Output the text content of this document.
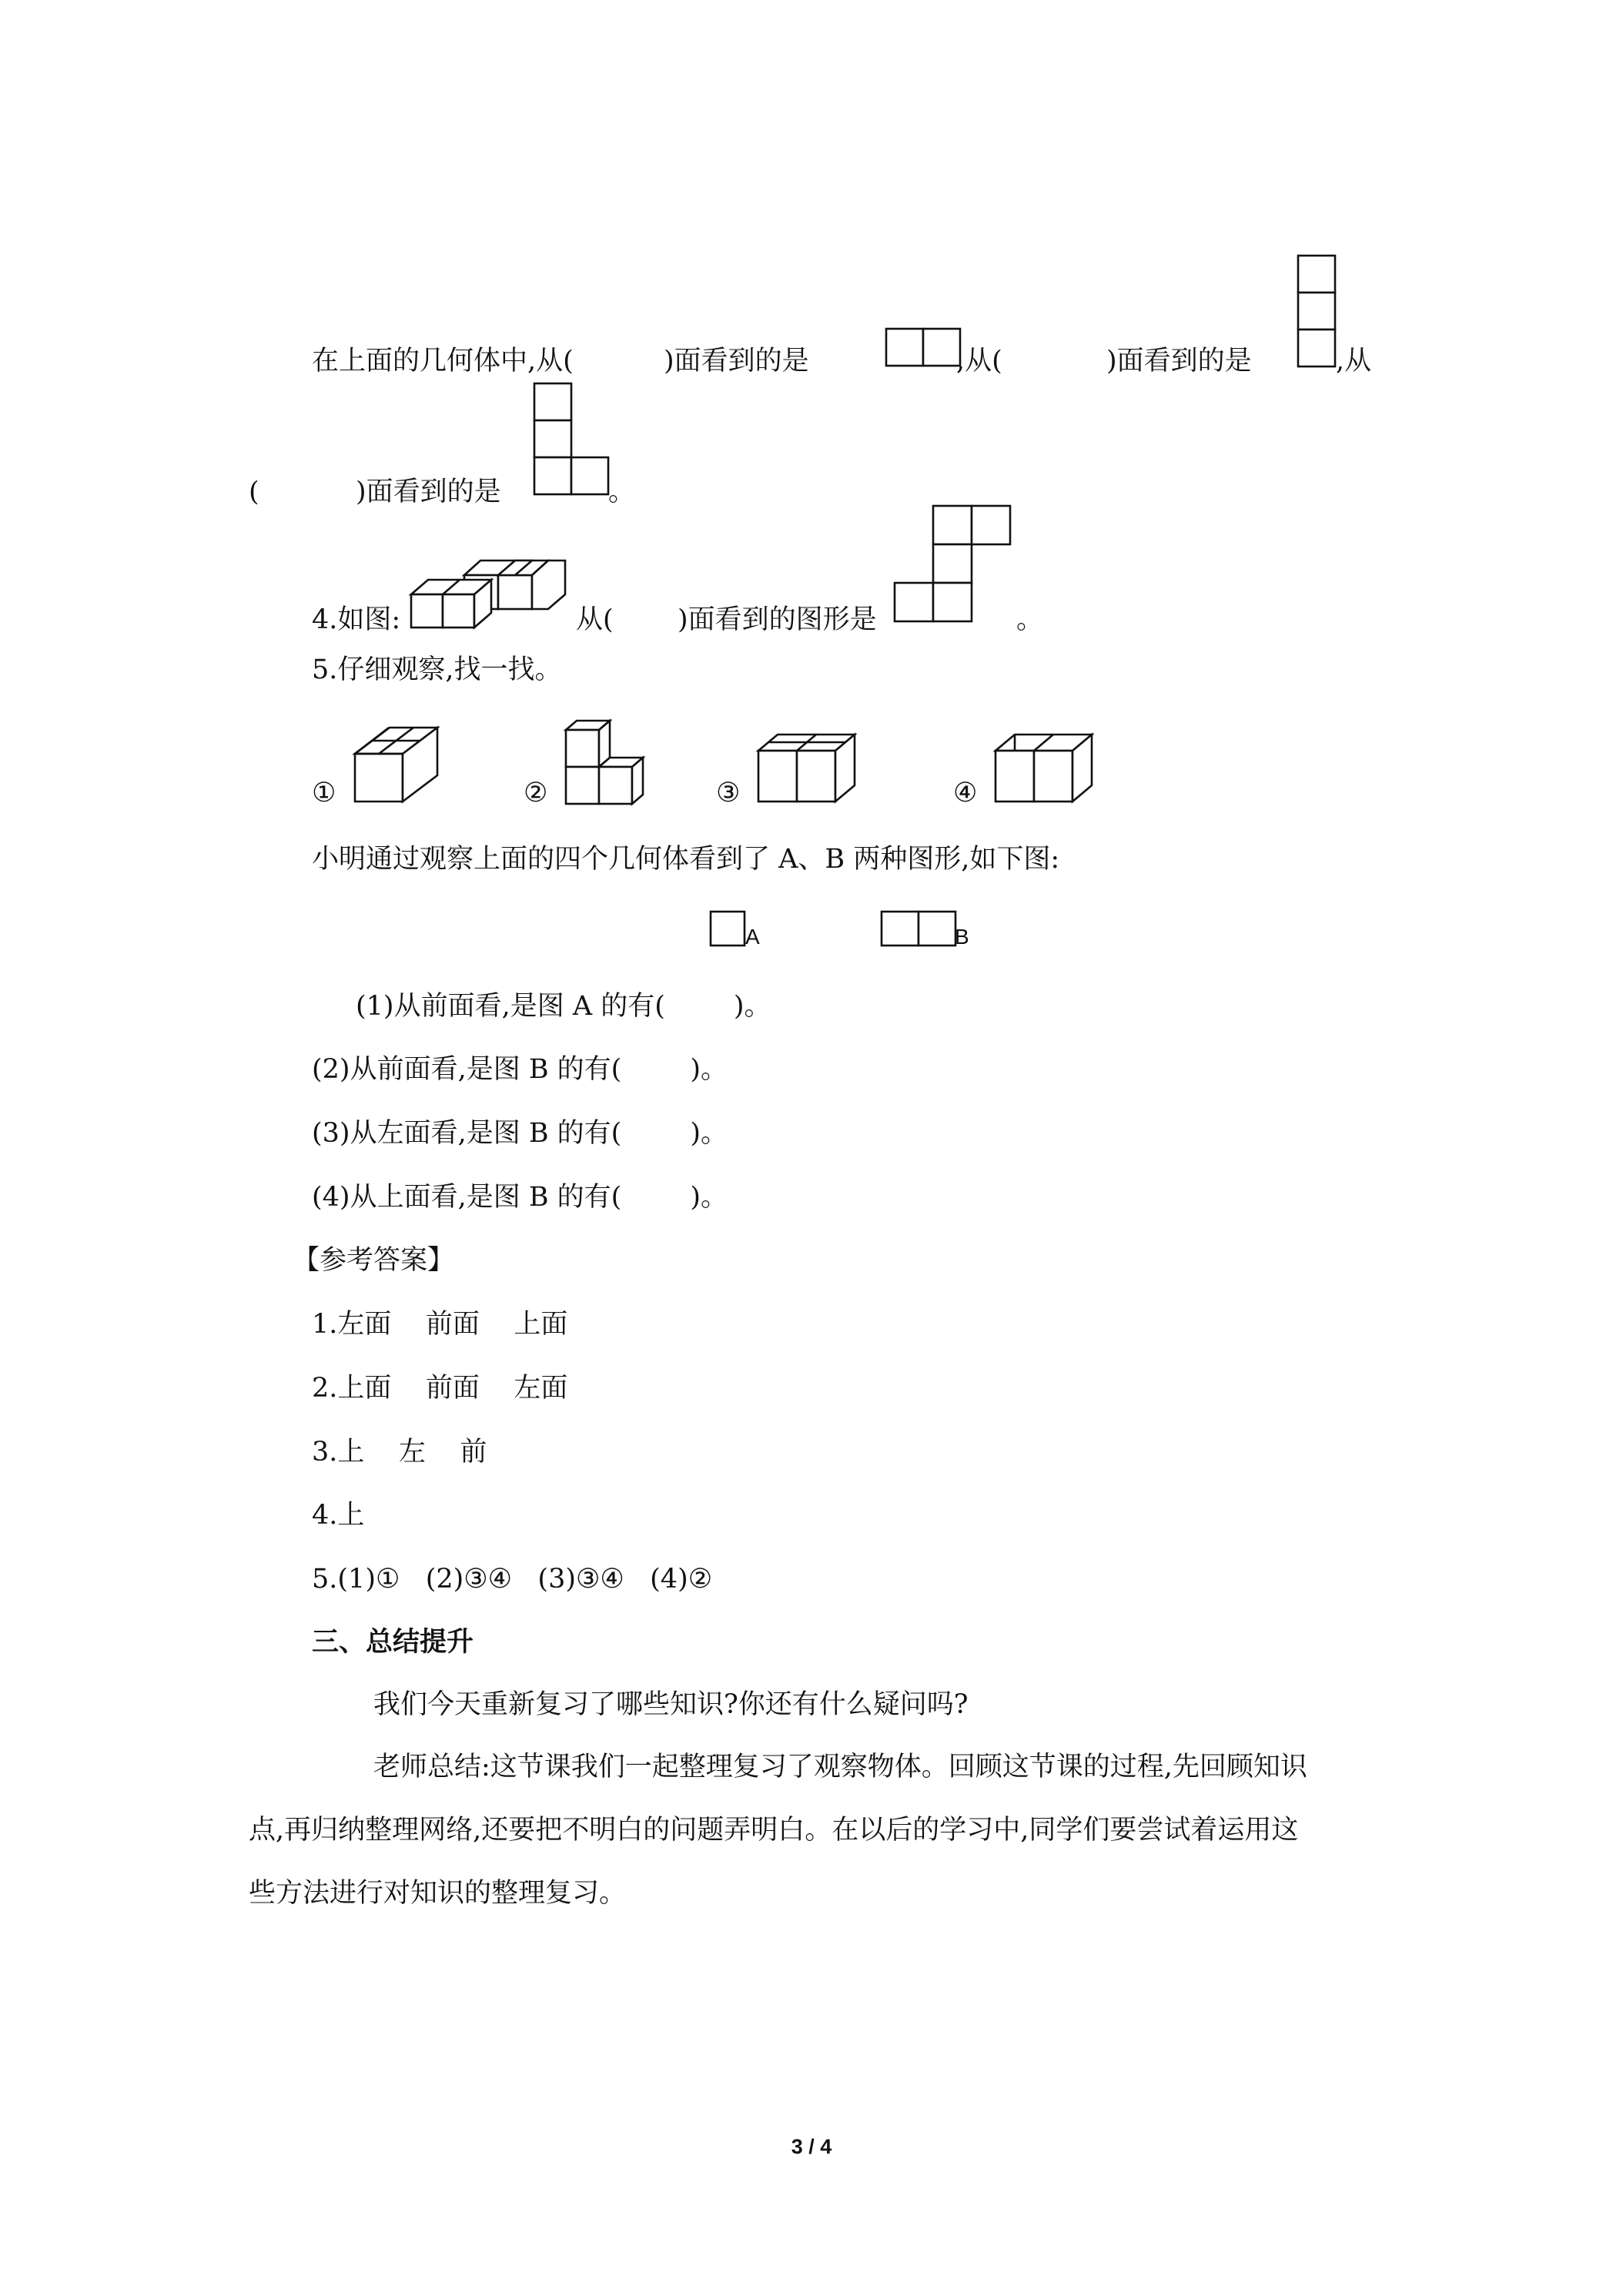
在上面的几何体中,从(	)面看到的是	,从(	)面看到的是	,从
(	)面看到的是	。
4.如图:	从( )面看到的图形是	。
5.仔细观察,找一找。
①	②	③	④
小明通过观察上面的四个几何体看到了 A、B 两种图形,如下图:
A	B
(1)从前面看,是图 A 的有(        )。
(2)从前面看,是图 B 的有(        )。
(3)从左面看,是图 B 的有(        )。
(4)从上面看,是图 B 的有(        )。
【参考答案】
1.左面    前面    上面
2.上面    前面    左面
3.上    左    前
4.上
5.(1)①   (2)③④   (3)③④   (4)②
三、总结提升
我们今天重新复习了哪些知识?你还有什么疑问吗?
老师总结:这节课我们一起整理复习了观察物体。回顾这节课的过程,先回顾知识
点,再归纳整理网络,还要把不明白的问题弄明白。在以后的学习中,同学们要尝试着运用这
些方法进行对知识的整理复习。
3 / 4
